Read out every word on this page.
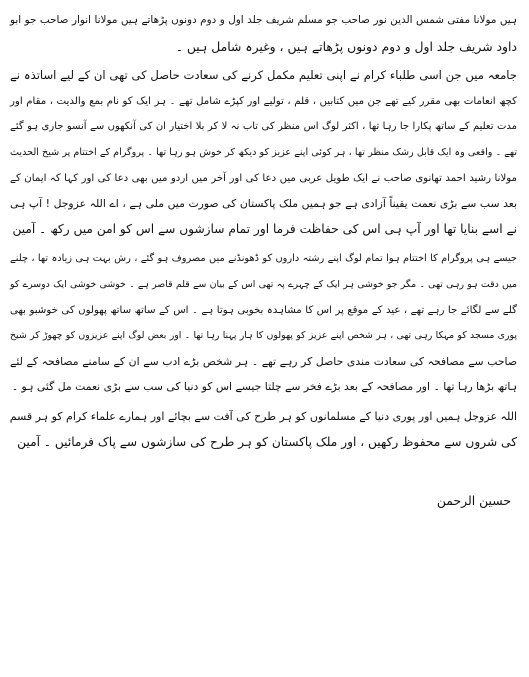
ہیں مولانا مفتی شمس الدین نور صاحب جو مسلم شریف جلد اول و دوم دونوں پڑھاتے ہیں مولانا انوار صاحب جو ابو
داود شریف جلد اول و دوم دونوں پڑھاتے ہیں ، وغیرہ شامل ہیں ۔
جامعہ میں جن اسی طلباء کرام نے اپنی تعلیم مکمل کرنے کی سعادت حاصل کی تھی ان کے لیے اساتذہ نے
کچھ انعامات بھی مقرر کیے تھے جن میں کتابیں ، قلم ، تولیے اور کپڑے شامل تھے ۔ ہر ایک کو نام بمع والدیت ، مقام اور
مدت تعلیم کے ساتھ پکارا جا رہا تھا ، اکثر لوگ اس منظر کی تاب نہ لا کر بلا اختیار ان کی آنکھوں سے آنسو جاری ہو گئے
تھے ۔ واقعی وہ ایک قابل رشک منظر تھا ، ہر کوئی اپنے عزیز کو دیکھ کر خوش ہو رہا تھا ۔ پروگرام کے اختتام پر شیخ الحدیث
مولانا رشید احمد تھانوی صاحب نے ایک طویل عربی میں دعا کی اور آخر میں اردو میں بھی دعا کی اور کہا کہ ایمان کے
بعد سب سے بڑی نعمت یقیناً آزادی ہے جو ہمیں ملک پاکستان کی صورت میں ملی ہے ، اے اللہ عزوجل ! آپ ہی
نے اسے بنایا تھا اور آپ ہی اس کی حفاظت فرما اور تمام سازشوں سے اس کو امن میں رکھ ۔ آمین
جیسے ہی پروگرام کا اختتام ہوا تمام لوگ اپنے رشتہ داروں کو ڈھونڈنے میں مصروف ہو گئے ، رش بہت ہی زیادہ تھا ، چلنے
میں دقت ہو رہی تھی ۔ مگر جو خوشی ہر ایک کے چہرے پہ تھی اس کے بیان سے قلم قاصر ہے ۔ خوشی خوشی ایک دوسرے کو
گلے سے لگائے جا رہے تھے ، عید کے موقع پر اس کا مشاہدہ بخوبی ہوتا ہے ۔ اس کے ساتھ ساتھ پھولوں کی خوشبو بھی
پوری مسجد کو مہکا رہی تھی ، ہر شخص اپنے عزیز کو پھولوں کا ہار پہنا رہا تھا ۔ اور بعض لوگ اپنے عزیزوں کو چھوڑ کر شیخ
صاحب سے مصافحہ کی سعادت مندی حاصل کر رہے تھے ۔ ہر شخص بڑے ادب سے ان کے سامنے مصافحہ کے لئے
ہاتھ بڑھا رہا تھا ۔ اور مصافحہ کے بعد بڑے فخر سے چلتا جیسے اس کو دنیا کی سب سے بڑی نعمت مل گئی ہو ۔
اللہ عزوجل ہمیں اور پوری دنیا کے مسلمانوں کو ہر طرح کی آفت سے بچائے اور ہمارے علماء کرام کو ہر قسم
کی شروں سے محفوظ رکھیں ، اور ملک پاکستان کو ہر طرح کی سازشوں سے پاک فرمائیں ۔ آمین
حسین الرحمن
